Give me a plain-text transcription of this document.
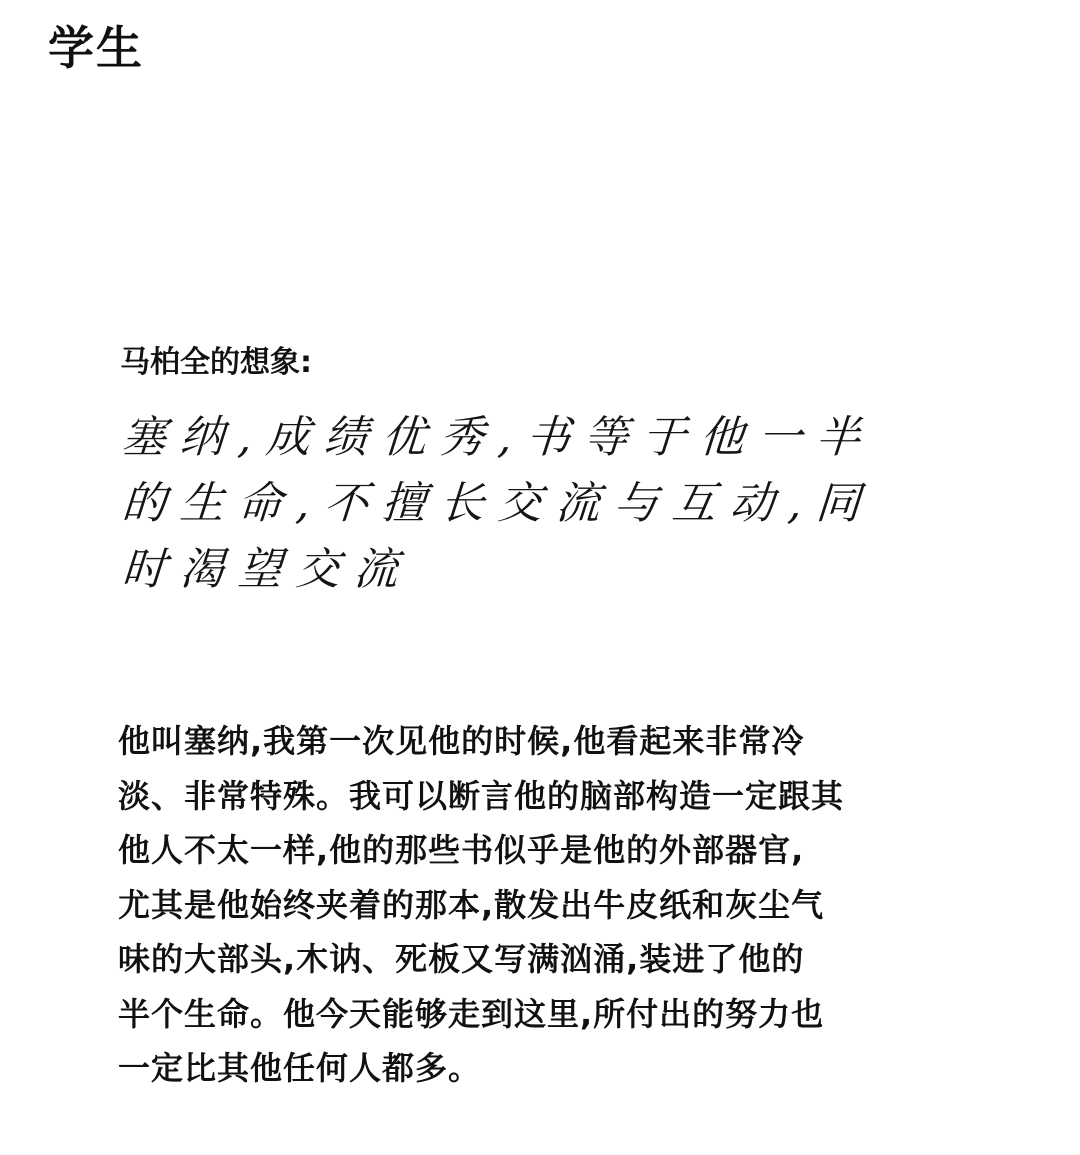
学生

马柏全的想象:

塞纳,成绩优秀,书等于他一半
的生命,不擅长交流与互动,同
时渴望交流
他叫塞纳,我第一次见他的时候,他看起来非常冷
淡、非常特殊。我可以断言他的脑部构造一定跟其
他人不太一样,他的那些书似乎是他的外部器官,
尤其是他始终夹着的那本,散发出牛皮纸和灰尘气
味的大部头,木讷、死板又写满汹涌,装进了他的
半个生命。他今天能够走到这里,所付出的努力也
一定比其他任何人都多。
